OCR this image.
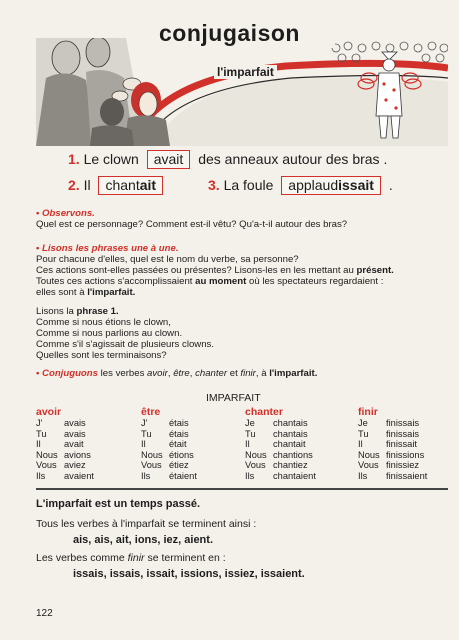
conjugaison
l'imparfait
1. Le clown avait des anneaux autour des bras .
2. Il chantait	3. La foule applaudissait .
• Observons.
Quel est ce personnage? Comment est-il vêtu? Qu'a-t-il autour des bras?
• Lisons les phrases une à une.
Pour chacune d'elles, quel est le nom du verbe, sa personne?
Ces actions sont-elles passées ou présentes? Lisons-les en les mettant au présent.
Toutes ces actions s'accomplissaient au moment où les spectateurs regardaient :
elles sont à l'imparfait.
Lisons la phrase 1.
Comme si nous étions le clown,
Comme si nous parlions au clown.
Comme s'il s'agissait de plusieurs clowns.
Quelles sont les terminaisons?
• Conjuguons les verbes avoir, être, chanter et finir, à l'imparfait.
IMPARFAIT
avoir
J' avais
Tu avais
Il	avait
Nous avions
Vous aviez
Ils avaient
être
J' étais
Tu étais
Il	était
Nous étions
Vous étiez
Ils étaient
chanter
Je chantais
Tu chantais
Il	chantait
Nous chantions
Vous chantiez
Ils chantaient
finir
Je finissais
Tu finissais
Il	finissait
Nous finissions
Vous finissiez
Ils finissaient
L'imparfait est un temps passé.
Tous les verbes à l'imparfait se terminent ainsi :
ais, ais, ait, ions, iez, aient.
Les verbes comme finir se terminent en :
issais, issais, issait, issions, issiez, issaient.
122
